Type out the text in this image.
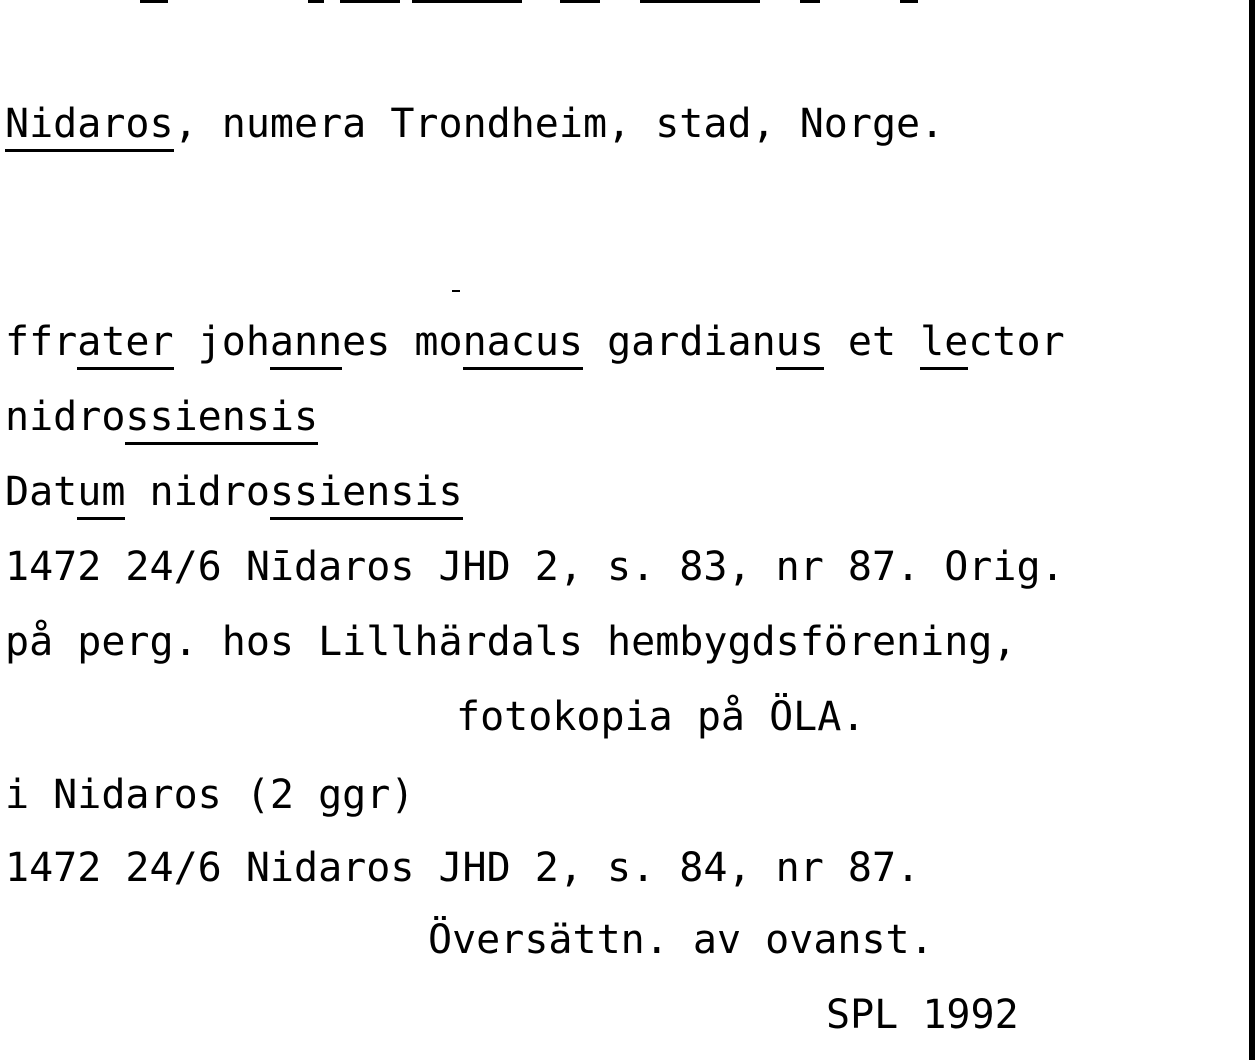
Nidaros, numera Trondheim, stad, Norge.
ffrater johannes monacus gardianus et lector
nidrossiensis
Datum nidrossiensis
1472 24/6 Nīdaros JHD 2, s. 83, nr 87. Orig.
på perg. hos Lillhärdals hembygdsförening,
fotokopia på ÖLA.
i Nidaros (2 ggr)
1472 24/6 Nidaros JHD 2, s. 84, nr 87.
Översättn. av ovanst.
SPL 1992
